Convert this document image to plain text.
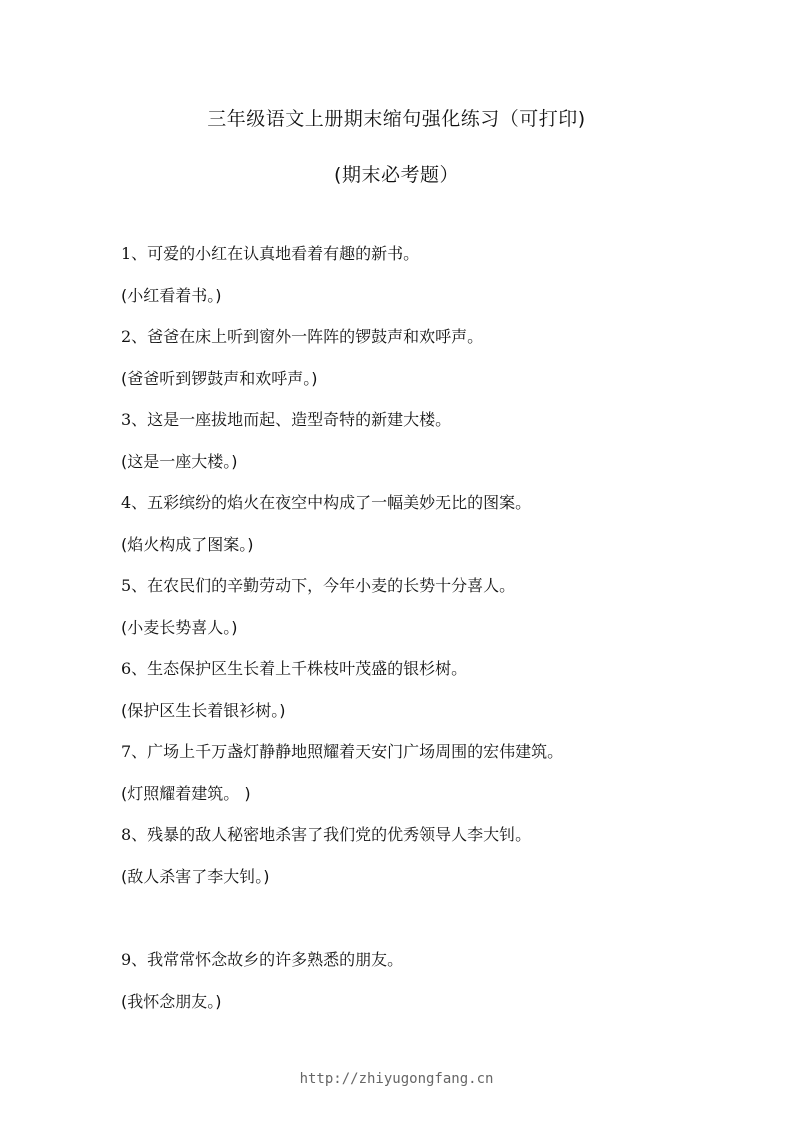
三年级语文上册期末缩句强化练习（可打印)
(期末必考题）
1、可爱的小红在认真地看着有趣的新书。
(小红看着书。)
2、爸爸在床上听到窗外一阵阵的锣鼓声和欢呼声。
(爸爸听到锣鼓声和欢呼声。)
3、这是一座拔地而起、造型奇特的新建大楼。
(这是一座大楼。)
4、五彩缤纷的焰火在夜空中构成了一幅美妙无比的图案。
(焰火构成了图案。)
5、在农民们的辛勤劳动下，今年小麦的长势十分喜人。
(小麦长势喜人。)
6、生态保护区生长着上千株枝叶茂盛的银杉树。
(保护区生长着银衫树。)
7、广场上千万盏灯静静地照耀着天安门广场周围的宏伟建筑。
(灯照耀着建筑。 )
8、残暴的敌人秘密地杀害了我们党的优秀领导人李大钊。
(敌人杀害了李大钊。)
9、我常常怀念故乡的许多熟悉的朋友。
(我怀念朋友。)
http://zhiyugongfang.cn
